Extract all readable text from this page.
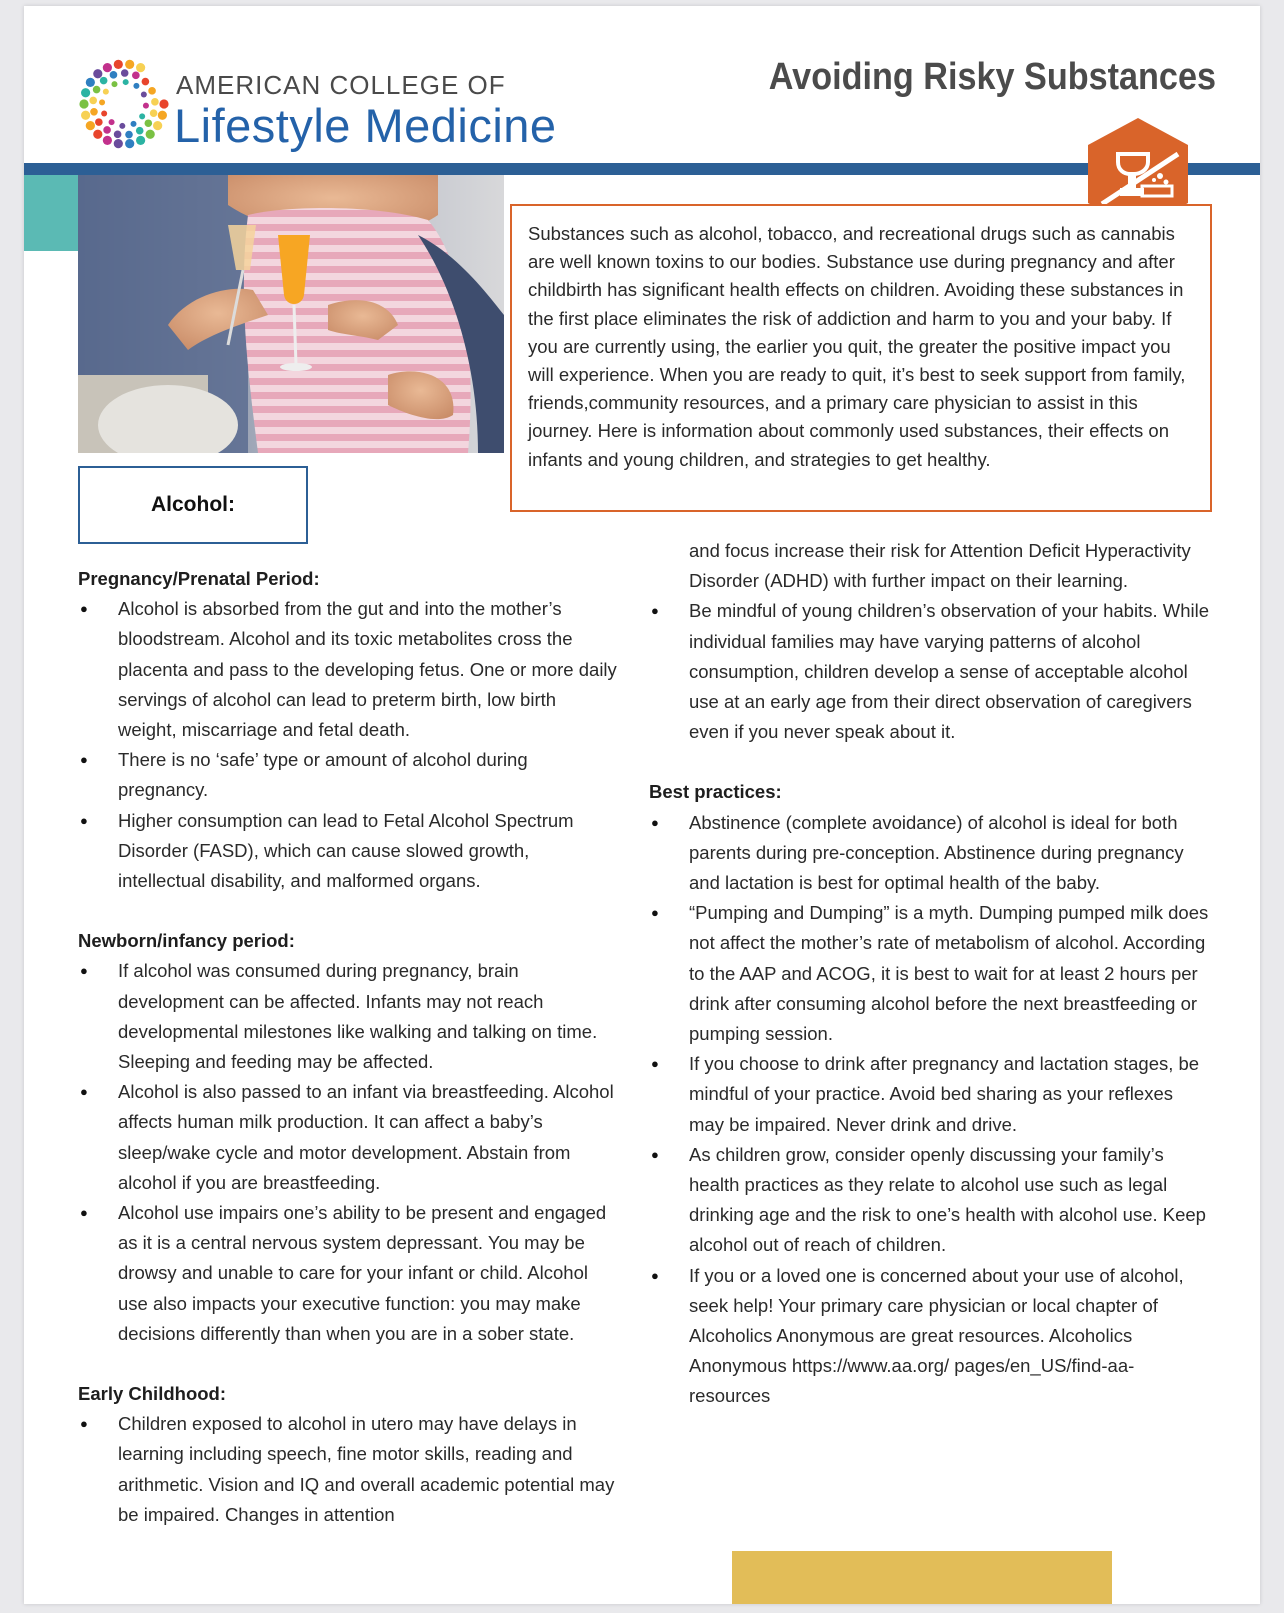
AMERICAN COLLEGE OF
Lifestyle Medicine
Avoiding Risky Substances
Substances such as alcohol, tobacco, and recreational drugs such as cannabis are well known toxins to our bodies. Substance use during pregnancy and after childbirth has significant health effects on children. Avoiding these substances in the first place eliminates the risk of addiction and harm to you and your baby. If you are currently using, the earlier you quit, the greater the positive impact you will experience. When you are ready to quit, it’s best to seek support from family, friends,community resources, and a primary care physician to assist in this journey. Here is information about commonly used substances, their effects on infants and young children, and strategies to get healthy.
Alcohol:

Pregnancy/Prenatal Period:

● Alcohol is absorbed from the gut and into the mother’s bloodstream. Alcohol and its toxic metabolites cross the placenta and pass to the developing fetus. One or more daily servings of alcohol can lead to preterm birth, low birth weight, miscarriage and fetal death.
● There is no ‘safe’ type or amount of alcohol during pregnancy.
● Higher consumption can lead to Fetal Alcohol Spectrum Disorder (FASD), which can cause slowed growth, intellectual disability, and malformed organs.

Newborn/infancy period:

● If alcohol was consumed during pregnancy, brain development can be affected. Infants may not reach developmental milestones like walking and talking on time. Sleeping and feeding may be affected.
● Alcohol is also passed to an infant via breastfeeding. Alcohol affects human milk production. It can affect a baby’s sleep/wake cycle and motor development. Abstain from alcohol if you are breastfeeding.
● Alcohol use impairs one’s ability to be present and engaged as it is a central nervous system depressant. You may be drowsy and unable to care for your infant or child. Alcohol use also impacts your executive function: you may make decisions differently than when you are in a sober state.

Early Childhood:

● Children exposed to alcohol in utero may have delays in learning including speech, fine motor skills, reading and arithmetic. Vision and IQ and overall academic potential may be impaired. Changes in attention

and focus increase their risk for Attention Deficit Hyperactivity Disorder (ADHD) with further impact on their learning.

● Be mindful of young children’s observation of your habits. While individual families may have varying patterns of alcohol consumption, children develop a sense of acceptable alcohol use at an early age from their direct observation of caregivers even if you never speak about it.

Best practices:

● Abstinence (complete avoidance) of alcohol is ideal for both parents during pre-conception. Abstinence during pregnancy and lactation is best for optimal health of the baby.
● “Pumping and Dumping” is a myth. Dumping pumped milk does not affect the mother’s rate of metabolism of alcohol. According to the AAP and ACOG, it is best to wait for at least 2 hours per drink after consuming alcohol before the next breastfeeding or pumping session.
● If you choose to drink after pregnancy and lactation stages, be mindful of your practice. Avoid bed sharing as your reflexes may be impaired. Never drink and drive.
● As children grow, consider openly discussing your family’s health practices as they relate to alcohol use such as legal drinking age and the risk to one’s health with alcohol use. Keep alcohol out of reach of children.
● If you or a loved one is concerned about your use of alcohol, seek help! Your primary care physician or local chapter of Alcoholics Anonymous are great resources. Alcoholics Anonymous https://www.aa.org/ pages/en_US/find-aa-resources
